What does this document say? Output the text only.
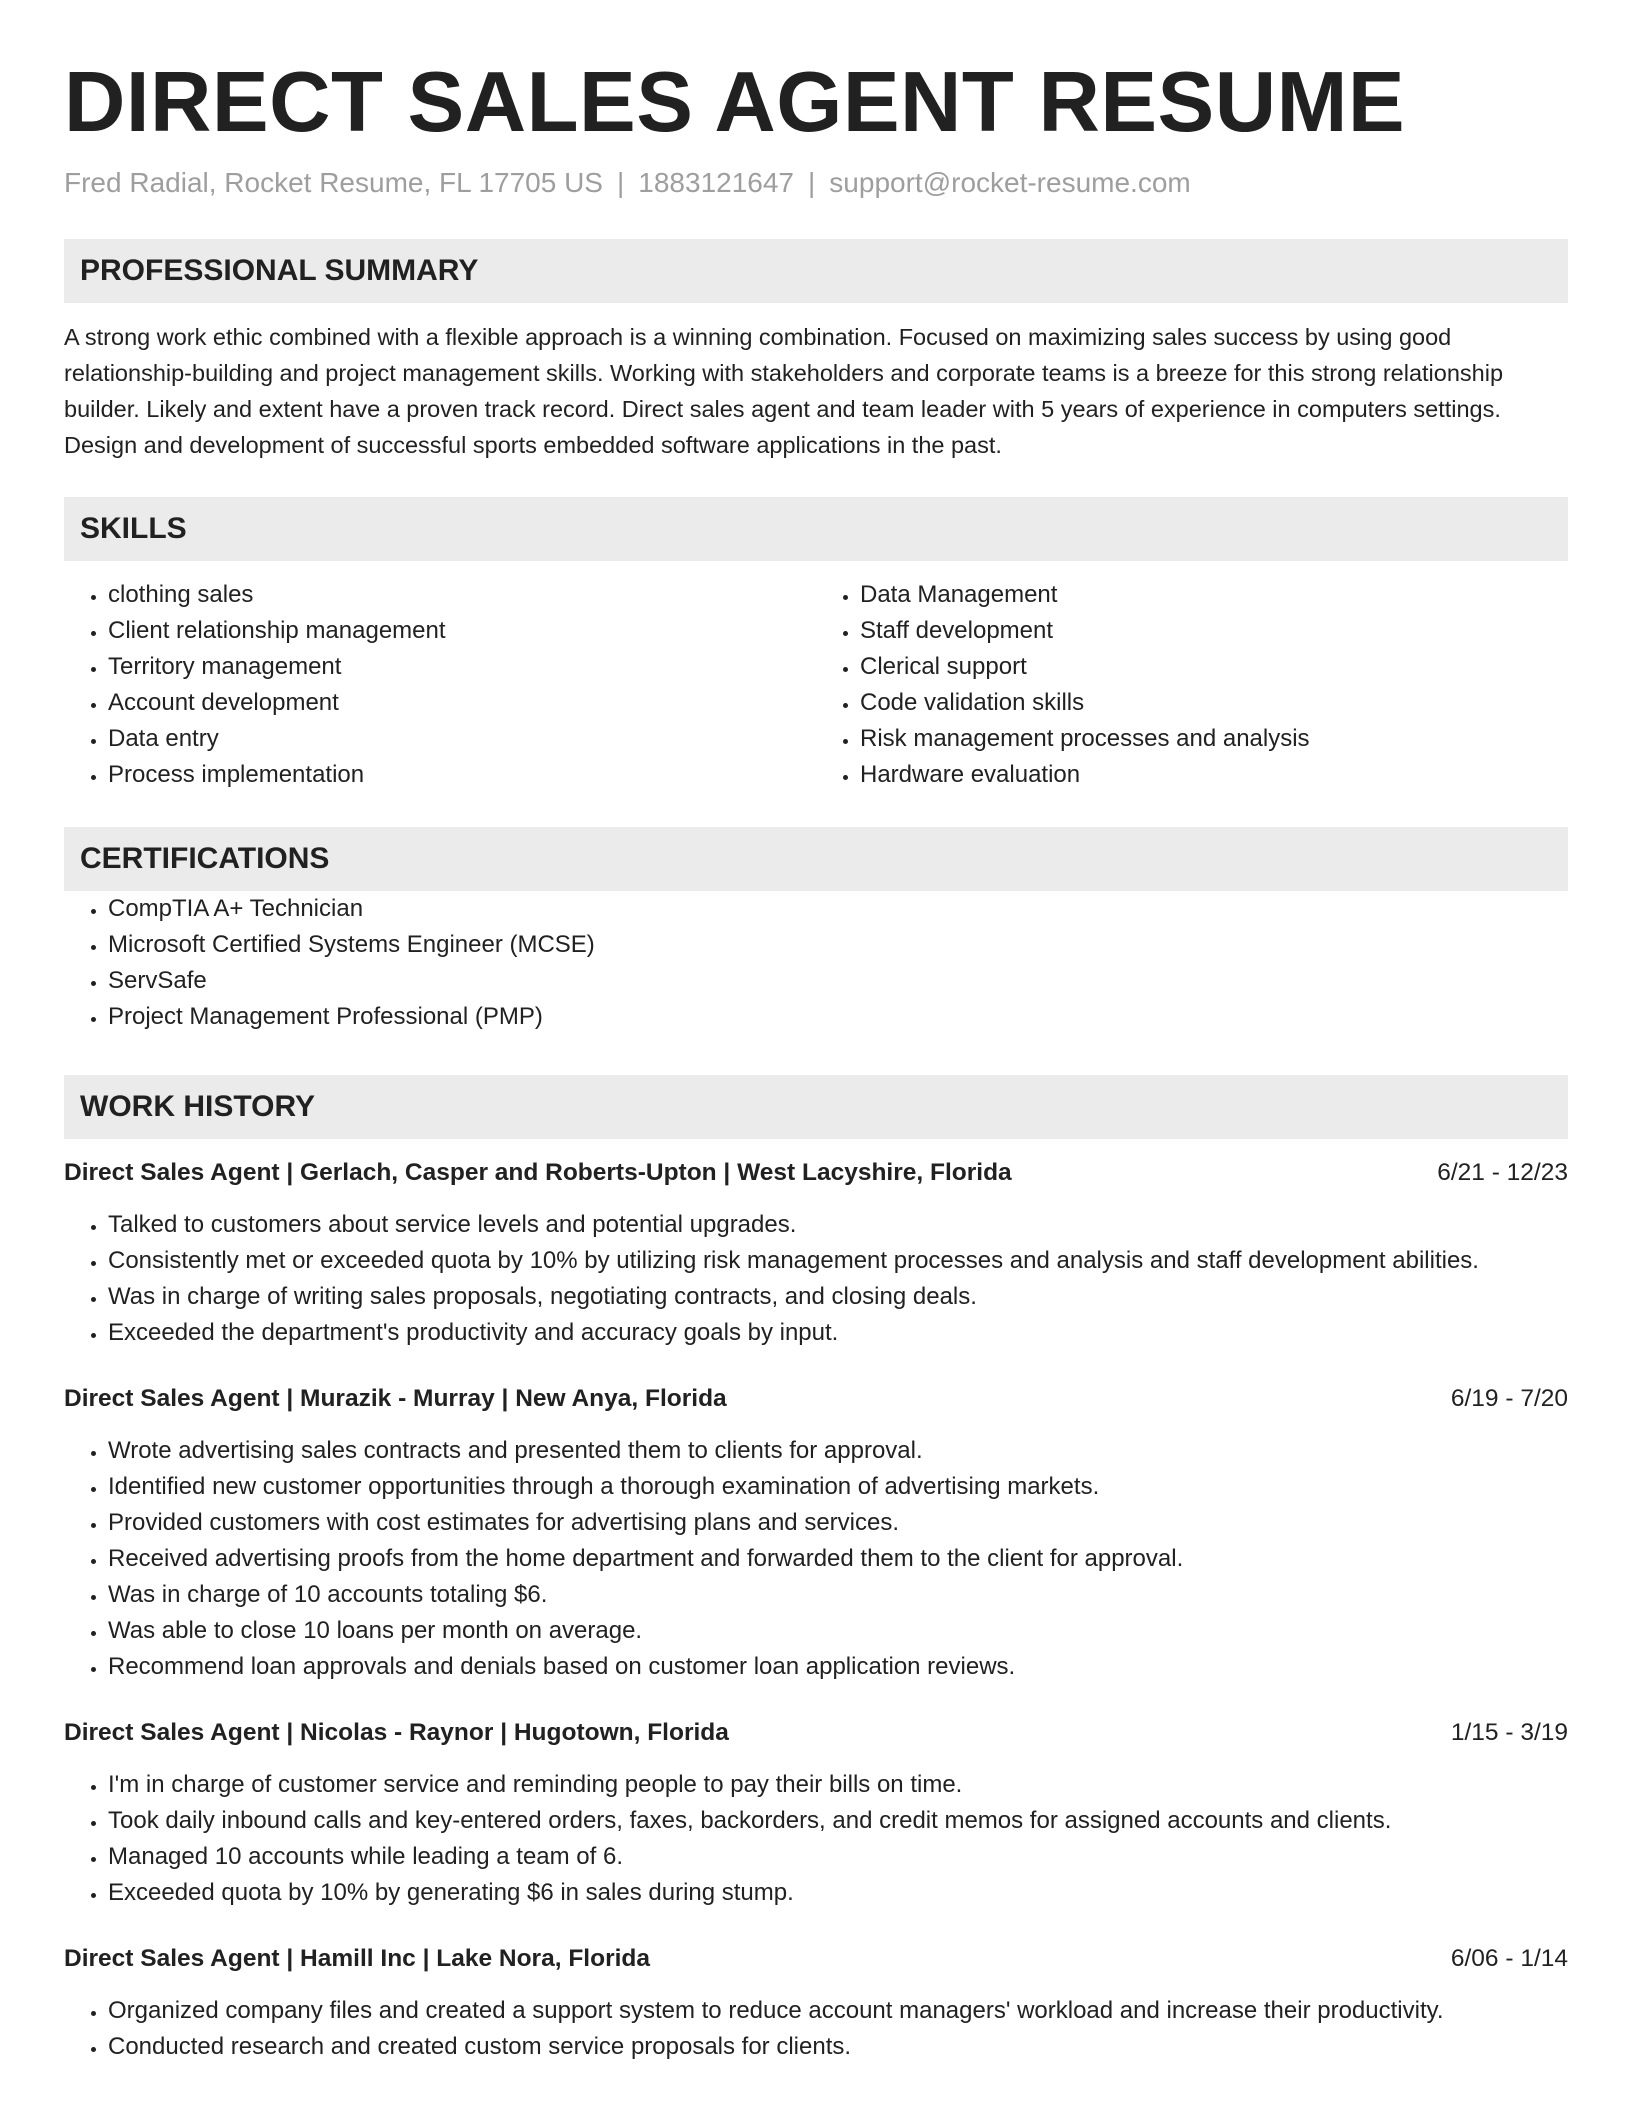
DIRECT SALES AGENT RESUME
Fred Radial, Rocket Resume, FL 17705 US | 1883121647 | support@rocket-resume.com
PROFESSIONAL SUMMARY

A strong work ethic combined with a flexible approach is a winning combination. Focused on maximizing sales success by using good relationship-building and project management skills. Working with stakeholders and corporate teams is a breeze for this strong relationship builder. Likely and extent have a proven track record. Direct sales agent and team leader with 5 years of experience in computers settings. Design and development of successful sports embedded software applications in the past.

SKILLS
• clothing sales
• Client relationship management
• Territory management
• Account development
• Data entry
• Process implementation
• Data Management
• Staff development
• Clerical support
• Code validation skills
• Risk management processes and analysis
• Hardware evaluation
CERTIFICATIONS
• CompTIA A+ Technician
• Microsoft Certified Systems Engineer (MCSE)
• ServSafe
• Project Management Professional (PMP)
WORK HISTORY
Direct Sales Agent | Gerlach, Casper and Roberts-Upton | West Lacyshire, Florida	6/21 - 12/23
• Talked to customers about service levels and potential upgrades.
• Consistently met or exceeded quota by 10% by utilizing risk management processes and analysis and staff development abilities.
• Was in charge of writing sales proposals, negotiating contracts, and closing deals.
• Exceeded the department's productivity and accuracy goals by input.
Direct Sales Agent | Murazik - Murray | New Anya, Florida	6/19 - 7/20
• Wrote advertising sales contracts and presented them to clients for approval.
• Identified new customer opportunities through a thorough examination of advertising markets.
• Provided customers with cost estimates for advertising plans and services.
• Received advertising proofs from the home department and forwarded them to the client for approval.
• Was in charge of 10 accounts totaling $6.
• Was able to close 10 loans per month on average.
• Recommend loan approvals and denials based on customer loan application reviews.
Direct Sales Agent | Nicolas - Raynor | Hugotown, Florida	1/15 - 3/19
• I'm in charge of customer service and reminding people to pay their bills on time.
• Took daily inbound calls and key-entered orders, faxes, backorders, and credit memos for assigned accounts and clients.
• Managed 10 accounts while leading a team of 6.
• Exceeded quota by 10% by generating $6 in sales during stump.
Direct Sales Agent | Hamill Inc | Lake Nora, Florida	6/06 - 1/14
• Organized company files and created a support system to reduce account managers' workload and increase their productivity.
• Conducted research and created custom service proposals for clients.
